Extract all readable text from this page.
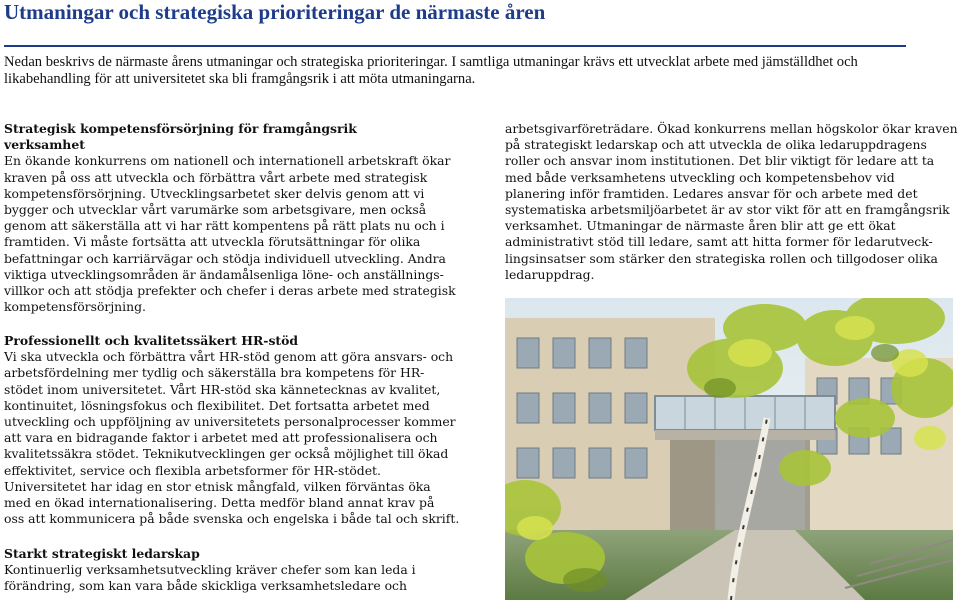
Utmaningar och strategiska prioriteringar de närmaste åren
Nedan beskrivs de närmaste årens utmaningar och strategiska prioriteringar. I samtliga utmaningar krävs ett utvecklat arbete med jämställdhet och
likabehandling för att universitetet ska bli framgångsrik i att möta utmaningarna.
Strategisk kompetensförsörjning för framgångsrik
verksamhet
En ökande konkurrens om nationell och internationell arbetskraft ökar
kraven på oss att utveckla och förbättra vårt arbete med strategisk
kompetensförsörjning. Utvecklingsarbetet sker delvis genom att vi
bygger och utvecklar vårt varumärke som arbetsgivare, men också
genom att säkerställa att vi har rätt kompentens på rätt plats nu och i
framtiden. Vi måste fortsätta att utveckla förutsättningar för olika
befattningar och karriärvägar och stödja individuell utveckling. Andra
viktiga utvecklingsområden är ändamålsenliga löne- och anställnings-
villkor och att stödja prefekter och chefer i deras arbete med strategisk
kompetensförsörjning.
Professionellt och kvalitetssäkert HR-stöd
Vi ska utveckla och förbättra vårt HR-stöd genom att göra ansvars- och
arbetsfördelning mer tydlig och säkerställa bra kompetens för HR-
stödet inom universitetet. Vårt HR-stöd ska kännetecknas av kvalitet,
kontinuitet, lösningsfokus och flexibilitet. Det fortsatta arbetet med
utveckling och uppföljning av universitetets personalprocesser kommer
att vara en bidragande faktor i arbetet med att professionalisera och
kvalitetssäkra stödet. Teknikutvecklingen ger också möjlighet till ökad
effektivitet, service och flexibla arbetsformer för HR-stödet.
Universitetet har idag en stor etnisk mångfald, vilken förväntas öka
med en ökad internationalisering. Detta medför bland annat krav på
oss att kommunicera på både svenska och engelska i både tal och skrift.
Starkt strategiskt ledarskap
Kontinuerlig verksamhetsutveckling kräver chefer som kan leda i
förändring, som kan vara både skickliga verksamhetsledare och
arbetsgivarföreträdare. Ökad konkurrens mellan högskolor ökar kraven
på strategiskt ledarskap och att utveckla de olika ledaruppdragens
roller och ansvar inom institutionen. Det blir viktigt för ledare att ta
med både verksamhetens utveckling och kompetensbehov vid
planering inför framtiden. Ledares ansvar för och arbete med det
systematiska arbetsmiljöarbetet är av stor vikt för att en framgångsrik
verksamhet. Utmaningar de närmaste åren blir att ge ett ökat
administrativt stöd till ledare, samt att hitta former för ledarutveck-
lingsinsatser som stärker den strategiska rollen och tillgodoser olika
ledaruppdrag.
